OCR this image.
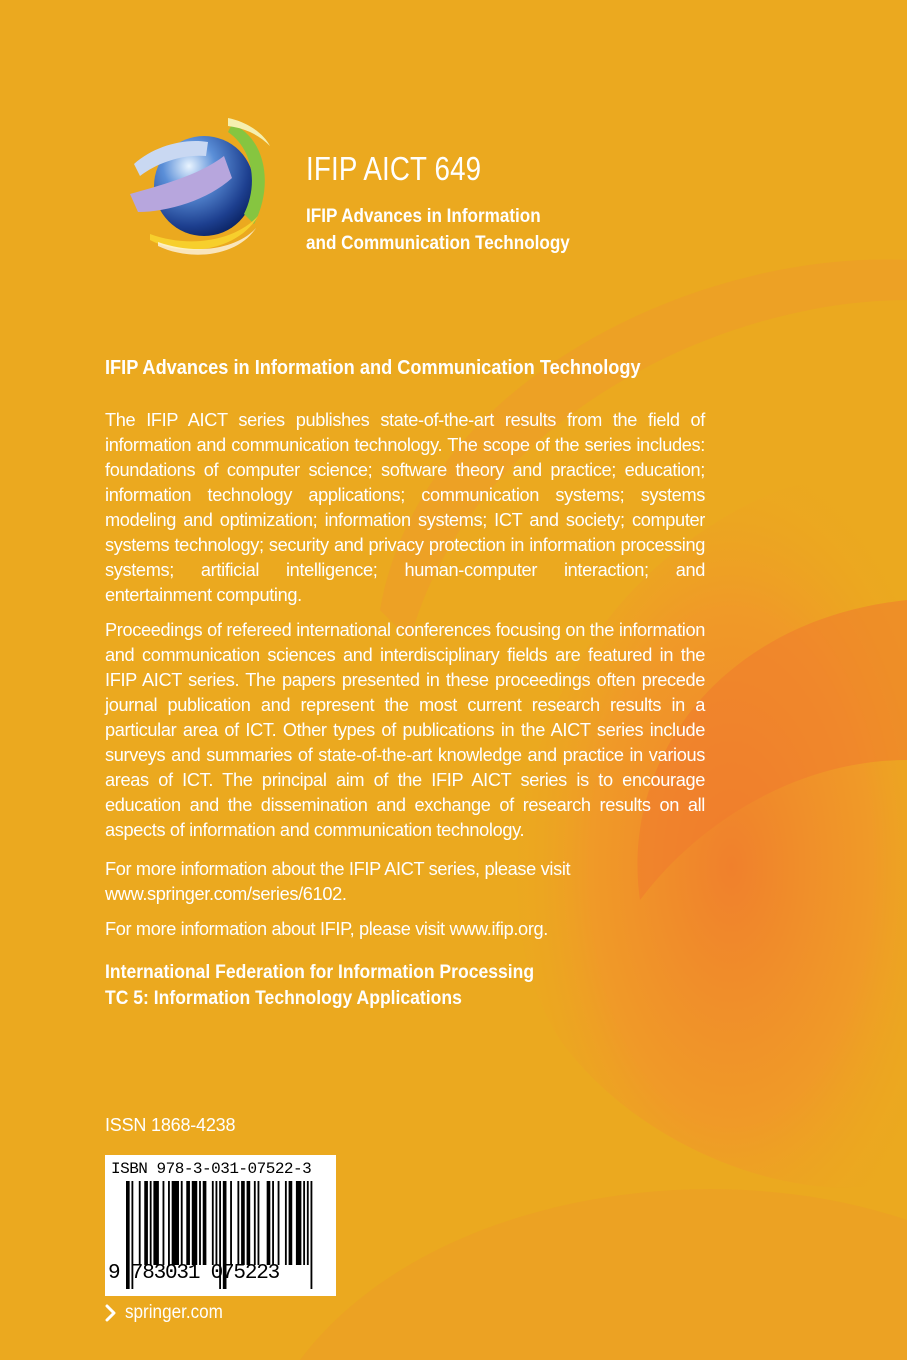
IFIP AICT 649
IFIP Advances in Information
and Communication Technology
IFIP Advances in Information and Communication Technology

The IFIP AICT series publishes state-of-the-art results from the field of information and communication technology. The scope of the series includes: foundations of computer science; software theory and practice; education; information technology applications; communication systems; systems modeling and optimization; information systems; ICT and society; computer systems technology; security and privacy protection in information processing systems; artificial intelligence; human-computer interaction; and entertainment computing.

Proceedings of refereed international conferences focusing on the information and communication sciences and interdisciplinary fields are featured in the IFIP AICT series. The papers presented in these proceedings often precede journal publication and represent the most current research results in a particular area of ICT. Other types of publications in the AICT series include surveys and summaries of state-of-the-art knowledge and practice in various areas of ICT. The principal aim of the IFIP AICT series is to encourage education and the dissemination and exchange of research results on all aspects of information and communication technology.

For more information about the IFIP AICT series, please visit
www.springer.com/series/6102.

For more information about IFIP, please visit www.ifip.org.

International Federation for Information Processing
TC 5: Information Technology Applications

ISSN 1868-4238

ISBN 978-3-031-07522-3

9 783031 075223

springer.com
